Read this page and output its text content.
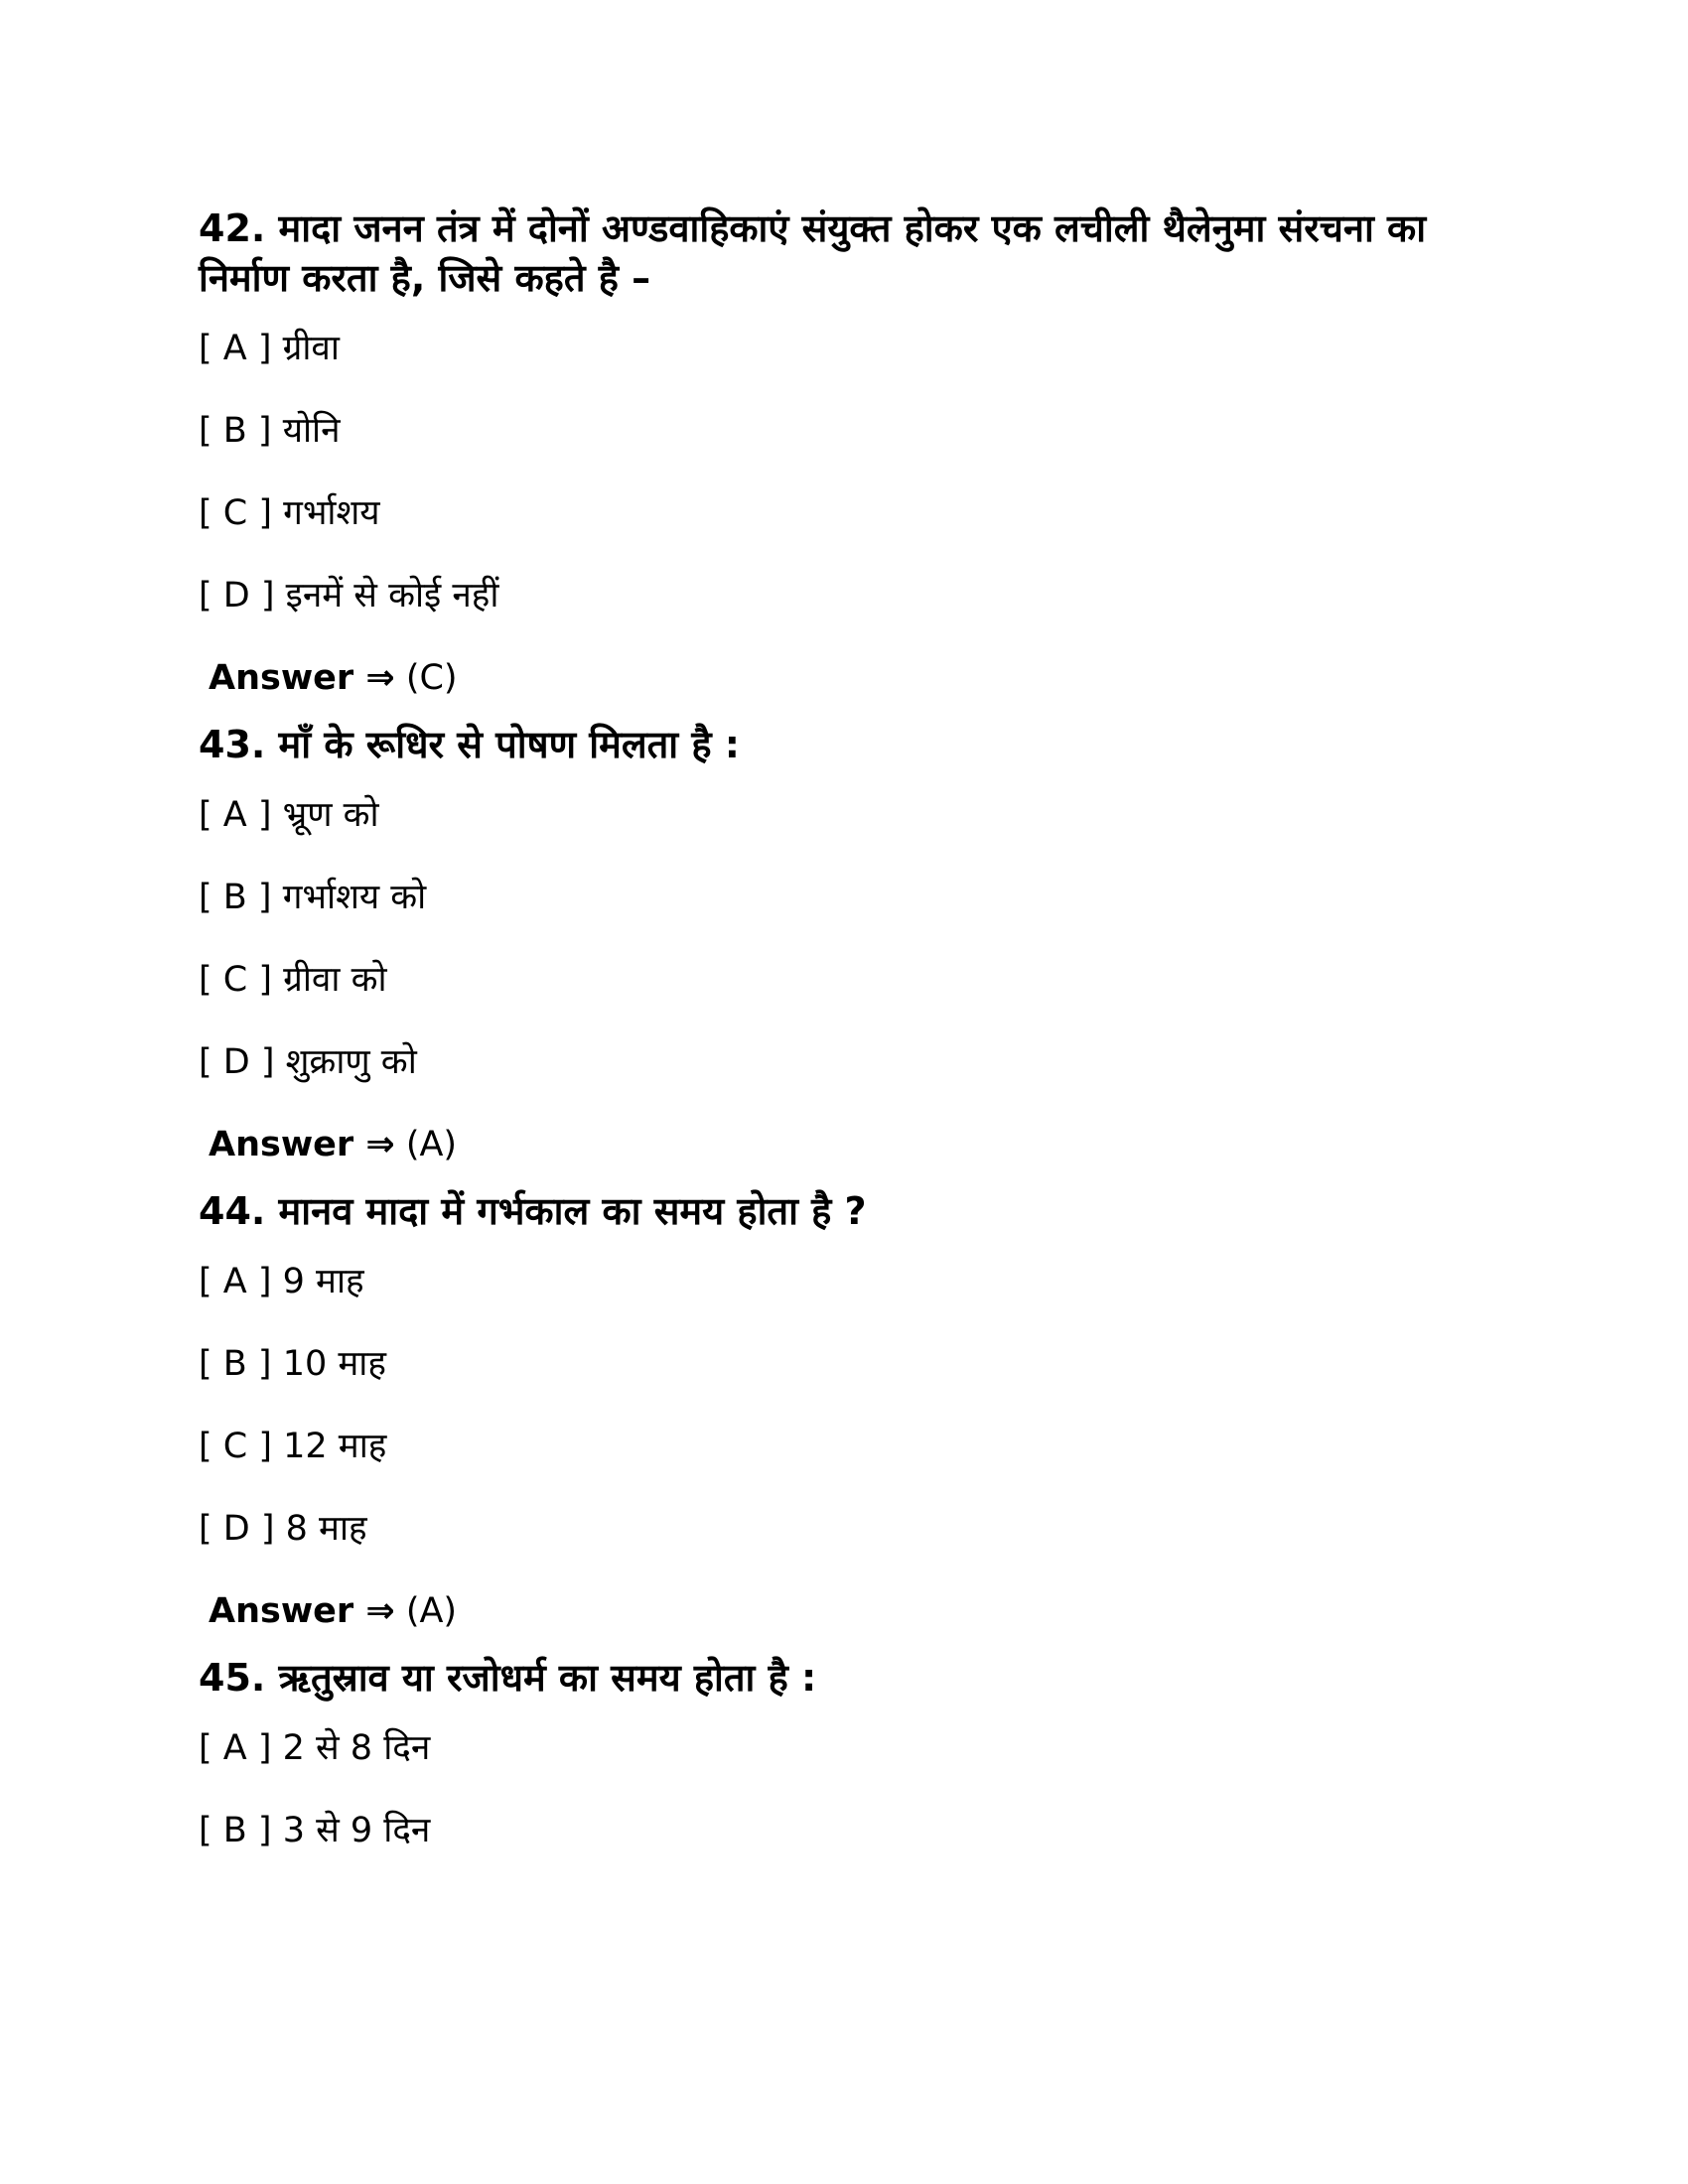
42. मादा जनन तंत्र में दोनों अण्डवाहिकाएं संयुक्त होकर एक लचीली थैलेनुमा संरचना का निर्माण करता है, जिसे कहते है –

[ A ] ग्रीवा

[ B ] योनि

[ C ] गर्भाशय

[ D ] इनमें से कोई नहीं

Answer ⇒ (C)

43. माँ के रूधिर से पोषण मिलता है :

[ A ] भ्रूण को

[ B ] गर्भाशय को

[ C ] ग्रीवा को

[ D ] शुक्राणु को

Answer ⇒ (A)

44. मानव मादा में गर्भकाल का समय होता है ?

[ A ] 9 माह

[ B ] 10 माह

[ C ] 12 माह

[ D ] 8 माह

Answer ⇒ (A)

45. ऋतुस्राव या रजोधर्म का समय होता है :

[ A ] 2 से 8 दिन

[ B ] 3 से 9 दिन
